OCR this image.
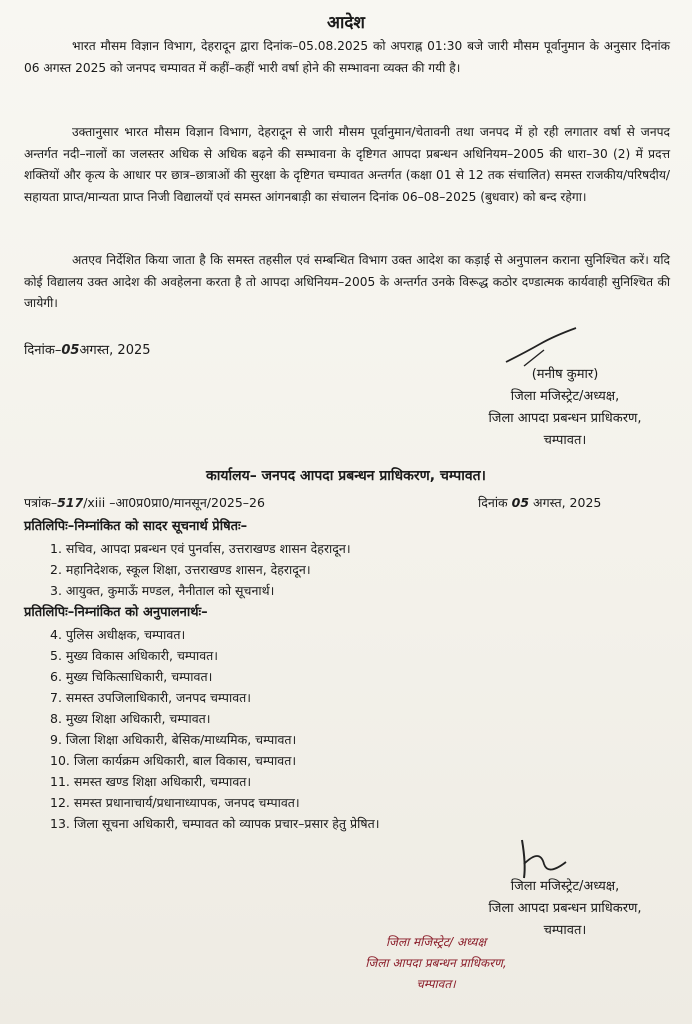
आदेश
भारत मौसम विज्ञान विभाग, देहरादून द्वारा दिनांक–05.08.2025 को अपराह्न 01:30 बजे जारी मौसम पूर्वानुमान के अनुसार दिनांक 06 अगस्त 2025 को जनपद चम्पावत में कहीं–कहीं भारी वर्षा होने की सम्भावना व्यक्त की गयी है।
उक्तानुसार भारत मौसम विज्ञान विभाग, देहरादून से जारी मौसम पूर्वानुमान/चेतावनी तथा जनपद में हो रही लगातार वर्षा से जनपद अन्तर्गत नदी–नालों का जलस्तर अधिक से अधिक बढ़ने की सम्भावना के दृष्टिगत आपदा प्रबन्धन अधिनियम–2005 की धारा–30 (2) में प्रदत्त शक्तियों और कृत्य के आधार पर छात्र–छात्राओं की सुरक्षा के दृष्टिगत चम्पावत अन्तर्गत (कक्षा 01 से 12 तक संचालित) समस्त राजकीय/परिषदीय/सहायता प्राप्त/मान्यता प्राप्त निजी विद्यालयों एवं समस्त आंगनबाड़ी का संचालन दिनांक 06–08–2025 (बुधवार) को बन्द रहेगा।
अतएव निर्देशित किया जाता है कि समस्त तहसील एवं सम्बन्धित विभाग उक्त आदेश का कड़ाई से अनुपालन कराना सुनिश्चित करें। यदि कोई विद्यालय उक्त आदेश की अवहेलना करता है तो आपदा अधिनियम–2005 के अन्तर्गत उनके विरूद्ध कठोर दण्डात्मक कार्यवाही सुनिश्चित की जायेगी।
दिनांक–05अगस्त, 2025
(मनीष कुमार)
जिला मजिस्ट्रेट/अध्यक्ष,
जिला आपदा प्रबन्धन प्राधिकरण,
चम्पावत।
कार्यालय– जनपद आपदा प्रबन्धन प्राधिकरण, चम्पावत।
पत्रांक–517/xiii –आ0प्र0प्रा0/मानसून/2025–26	दिनांक 05 अगस्त, 2025
प्रतिलिपिः–निम्नांकित को सादर सूचनार्थ प्रेषितः–
1. सचिव, आपदा प्रबन्धन एवं पुनर्वास, उत्तराखण्ड शासन देहरादून।
2. महानिदेशक, स्कूल शिक्षा, उत्तराखण्ड शासन, देहरादून।
3. आयुक्त, कुमाऊँ मण्डल, नैनीताल को सूचनार्थ।
प्रतिलिपिः–निम्नांकित को अनुपालनार्थः–
4. पुलिस अधीक्षक, चम्पावत।
5. मुख्य विकास अधिकारी, चम्पावत।
6. मुख्य चिकित्साधिकारी, चम्पावत।
7. समस्त उपजिलाधिकारी, जनपद चम्पावत।
8. मुख्य शिक्षा अधिकारी, चम्पावत।
9. जिला शिक्षा अधिकारी, बेसिक/माध्यमिक, चम्पावत।
10. जिला कार्यक्रम अधिकारी, बाल विकास, चम्पावत।
11. समस्त खण्ड शिक्षा अधिकारी, चम्पावत।
12. समस्त प्रधानाचार्य/प्रधानाध्यापक, जनपद चम्पावत।
13. जिला सूचना अधिकारी, चम्पावत को व्यापक प्रचार–प्रसार हेतु प्रेषित।
जिला मजिस्ट्रेट/अध्यक्ष,
जिला आपदा प्रबन्धन प्राधिकरण,
चम्पावत।
जिला मजिस्ट्रेट/ अध्यक्ष
जिला आपदा प्रबन्धन प्राधिकरण,
चम्पावत।
